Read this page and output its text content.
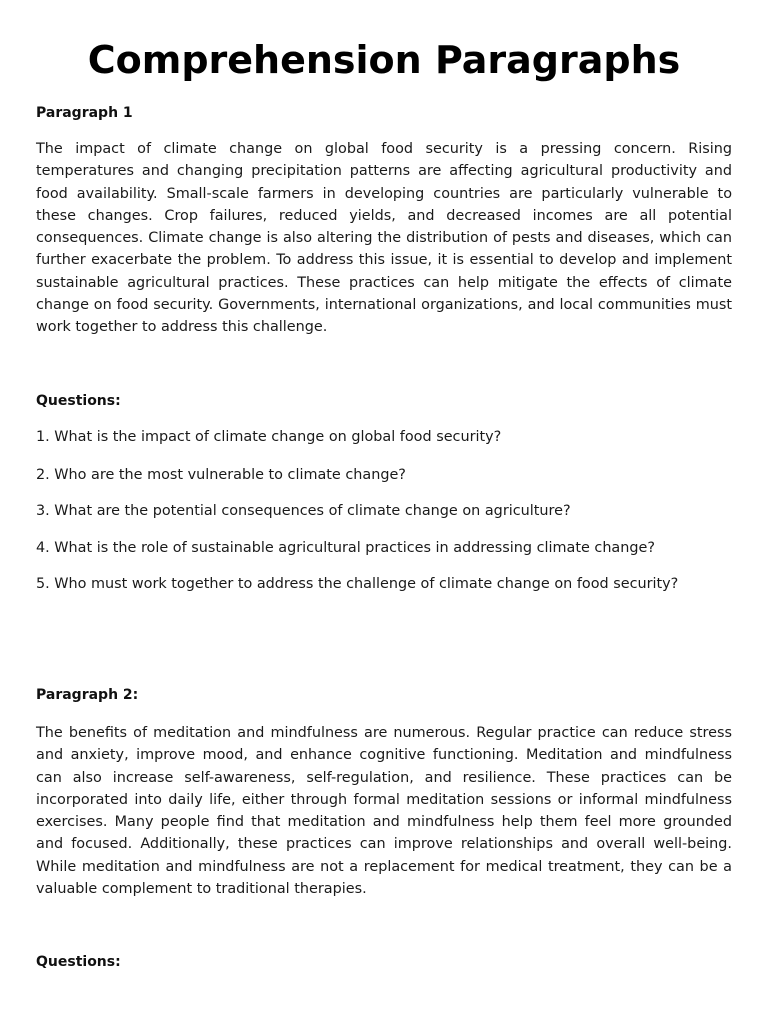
Comprehension Paragraphs
Paragraph 1

The impact of climate change on global food security is a pressing concern. Rising temperatures and changing precipitation patterns are affecting agricultural productivity and food availability. Small-scale farmers in developing countries are particularly vulnerable to these changes. Crop failures, reduced yields, and decreased incomes are all potential consequences. Climate change is also altering the distribution of pests and diseases, which can further exacerbate the problem. To address this issue, it is essential to develop and implement sustainable agricultural practices. These practices can help mitigate the effects of climate change on food security. Governments, international organizations, and local communities must work together to address this challenge.

Questions:
1. What is the impact of climate change on global food security?
2. Who are the most vulnerable to climate change?
3. What are the potential consequences of climate change on agriculture?
4. What is the role of sustainable agricultural practices in addressing climate change?
5. Who must work together to address the challenge of climate change on food security?
Paragraph 2:

The benefits of meditation and mindfulness are numerous. Regular practice can reduce stress and anxiety, improve mood, and enhance cognitive functioning. Meditation and mindfulness can also increase self-awareness, self-regulation, and resilience. These practices can be incorporated into daily life, either through formal meditation sessions or informal mindfulness exercises. Many people find that meditation and mindfulness help them feel more grounded and focused. Additionally, these practices can improve relationships and overall well-being. While meditation and mindfulness are not a replacement for medical treatment, they can be a valuable complement to traditional therapies.

Questions:
